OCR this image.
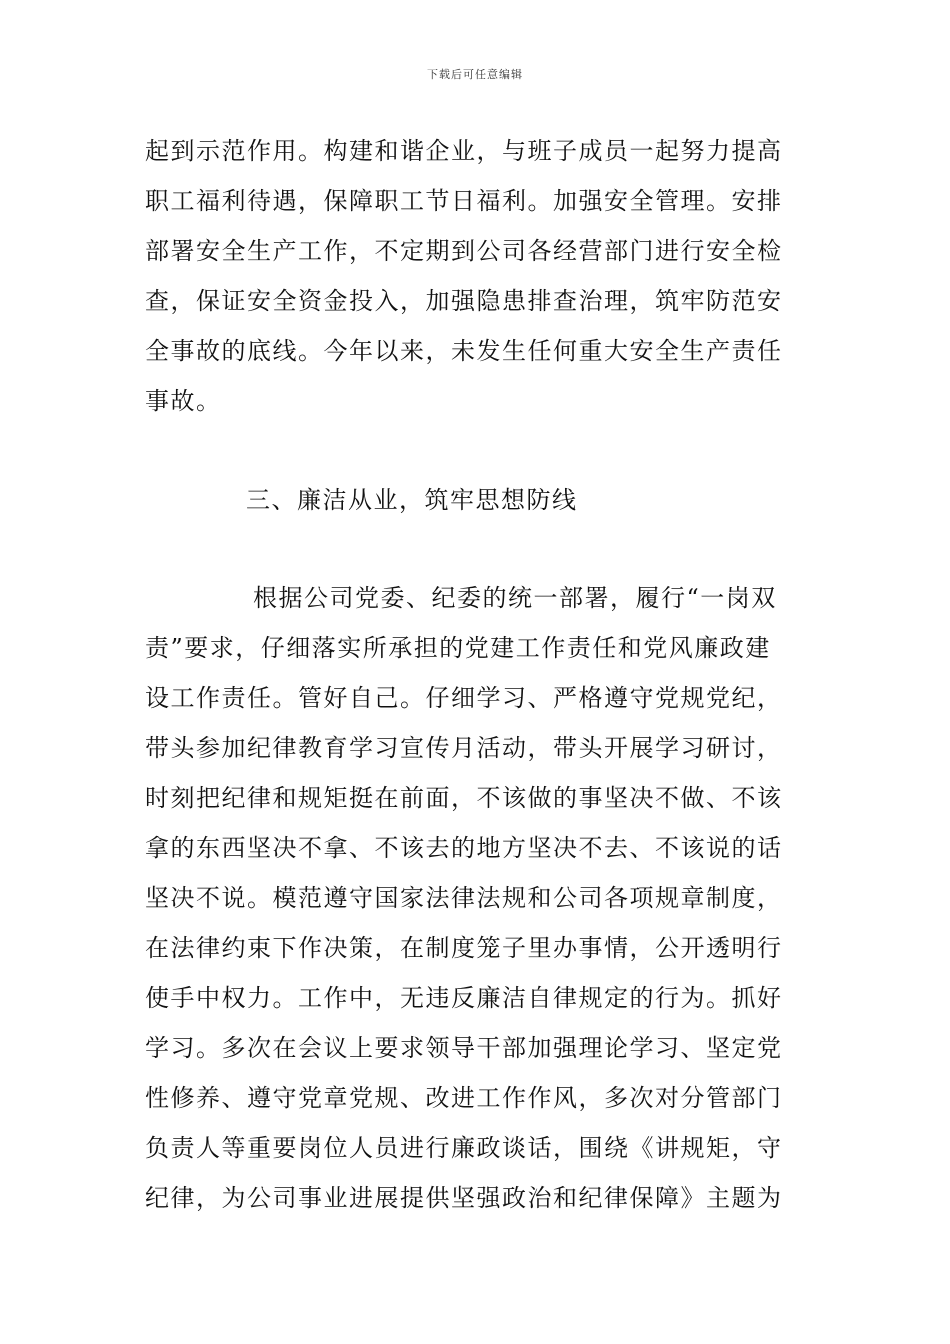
下载后可任意编辑
起到示范作用。构建和谐企业，与班子成员一起努力提高
职工福利待遇，保障职工节日福利。加强安全管理。安排
部署安全生产工作，不定期到公司各经营部门进行安全检
查，保证安全资金投入，加强隐患排查治理，筑牢防范安
全事故的底线。今年以来，未发生任何重大安全生产责任
事故。
三、廉洁从业，筑牢思想防线
根据公司党委、纪委的统一部署，履行“一岗双
责”要求，仔细落实所承担的党建工作责任和党风廉政建
设工作责任。管好自己。仔细学习、严格遵守党规党纪，
带头参加纪律教育学习宣传月活动，带头开展学习研讨，
时刻把纪律和规矩挺在前面，不该做的事坚决不做、不该
拿的东西坚决不拿、不该去的地方坚决不去、不该说的话
坚决不说。模范遵守国家法律法规和公司各项规章制度，
在法律约束下作决策，在制度笼子里办事情，公开透明行
使手中权力。工作中，无违反廉洁自律规定的行为。抓好
学习。多次在会议上要求领导干部加强理论学习、坚定党
性修养、遵守党章党规、改进工作作风，多次对分管部门
负责人等重要岗位人员进行廉政谈话，围绕《讲规矩，守
纪律，为公司事业进展提供坚强政治和纪律保障》主题为
